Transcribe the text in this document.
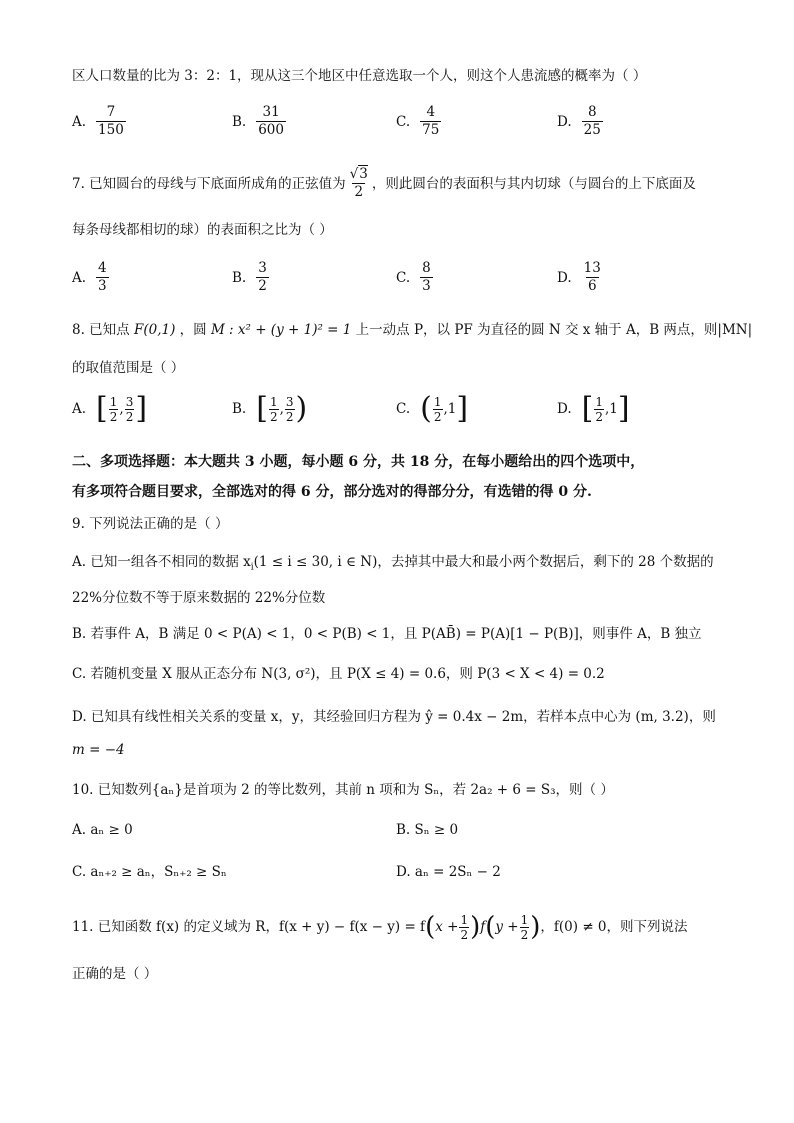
区人口数量的比为 3：2：1，现从这三个地区中任意选取一个人，则这个人患流感的概率为（ ）
A. $\frac{7}{150}$	B. $\frac{31}{600}$	C. $\frac{4}{75}$	D. $\frac{8}{25}$
7. 已知圆台的母线与下底面所成角的正弦值为 $\frac{√3}{2}$ ，则此圆台的表面积与其内切球（与圆台的上下底面及
每条母线都相切的球）的表面积之比为（ ）
A. $\frac{4}{3}$	B. $\frac{3}{2}$	C. $\frac{8}{3}$	D. $\frac{13}{6}$
8. 已知点 F(0,1) ，圆 M : x² + (y + 1)² = 1 上一动点 P，以 PF 为直径的圆 N 交 x 轴于 A，B 两点，则|MN|
的取值范围是（ ）
A. [ $\frac{1}{2}$ , $\frac{3}{2}$ ]	B. [ $\frac{1}{2}$ , $\frac{3}{2}$ )	C. ( $\frac{1}{2} ,1$ ]	D. [ $\frac{1}{2} ,1$ ]
二、多项选择题：本大题共 3 小题，每小题 6 分，共 18 分，在每小题给出的四个选项中，
有多项符合题目要求，全部选对的得 6 分，部分选对的得部分分，有选错的得 0 分.
9. 下列说法正确的是（ ）
A. 已知一组各不相同的数据 $x_i(1 \le i \le 30$, i ∈ N)，去掉其中最大和最小两个数据后，剩下的 28 个数据的
22%分位数不等于原来数据的 22%分位数
B. 若事件 A，B 满足 0 < P(A) < 1，0 < P(B) < 1，且 P(AB̄) = P(A)[1 − P(B)]，则事件 A，B 独立
C. 若随机变量 X 服从正态分布 N(3, σ²)，且 P(X ≤ 4) = 0.6，则 P(3 < X < 4) = 0.2
D. 已知具有线性相关关系的变量 x，y，其经验回归方程为 ŷ = 0.4x − 2m，若样本点中心为 (m, 3.2)，则
m = −4
10. 已知数列{aₙ}是首项为 2 的等比数列，其前 n 项和为 Sₙ，若 2a₂ + 6 = S₃，则（ ）
A. aₙ ≥ 0	B. Sₙ ≥ 0
C. aₙ₊₂ ≥ aₙ，Sₙ₊₂ ≥ Sₙ	D. aₙ = 2Sₙ − 2
11. 已知函数 f(x) 的定义域为 R，f(x + y) − f(x − y) = f ( $x + \frac{1}{2}$ ) f ( $y + \frac{1}{2}$ ) ，f(0) ≠ 0，则下列说法
正确的是（ ）
